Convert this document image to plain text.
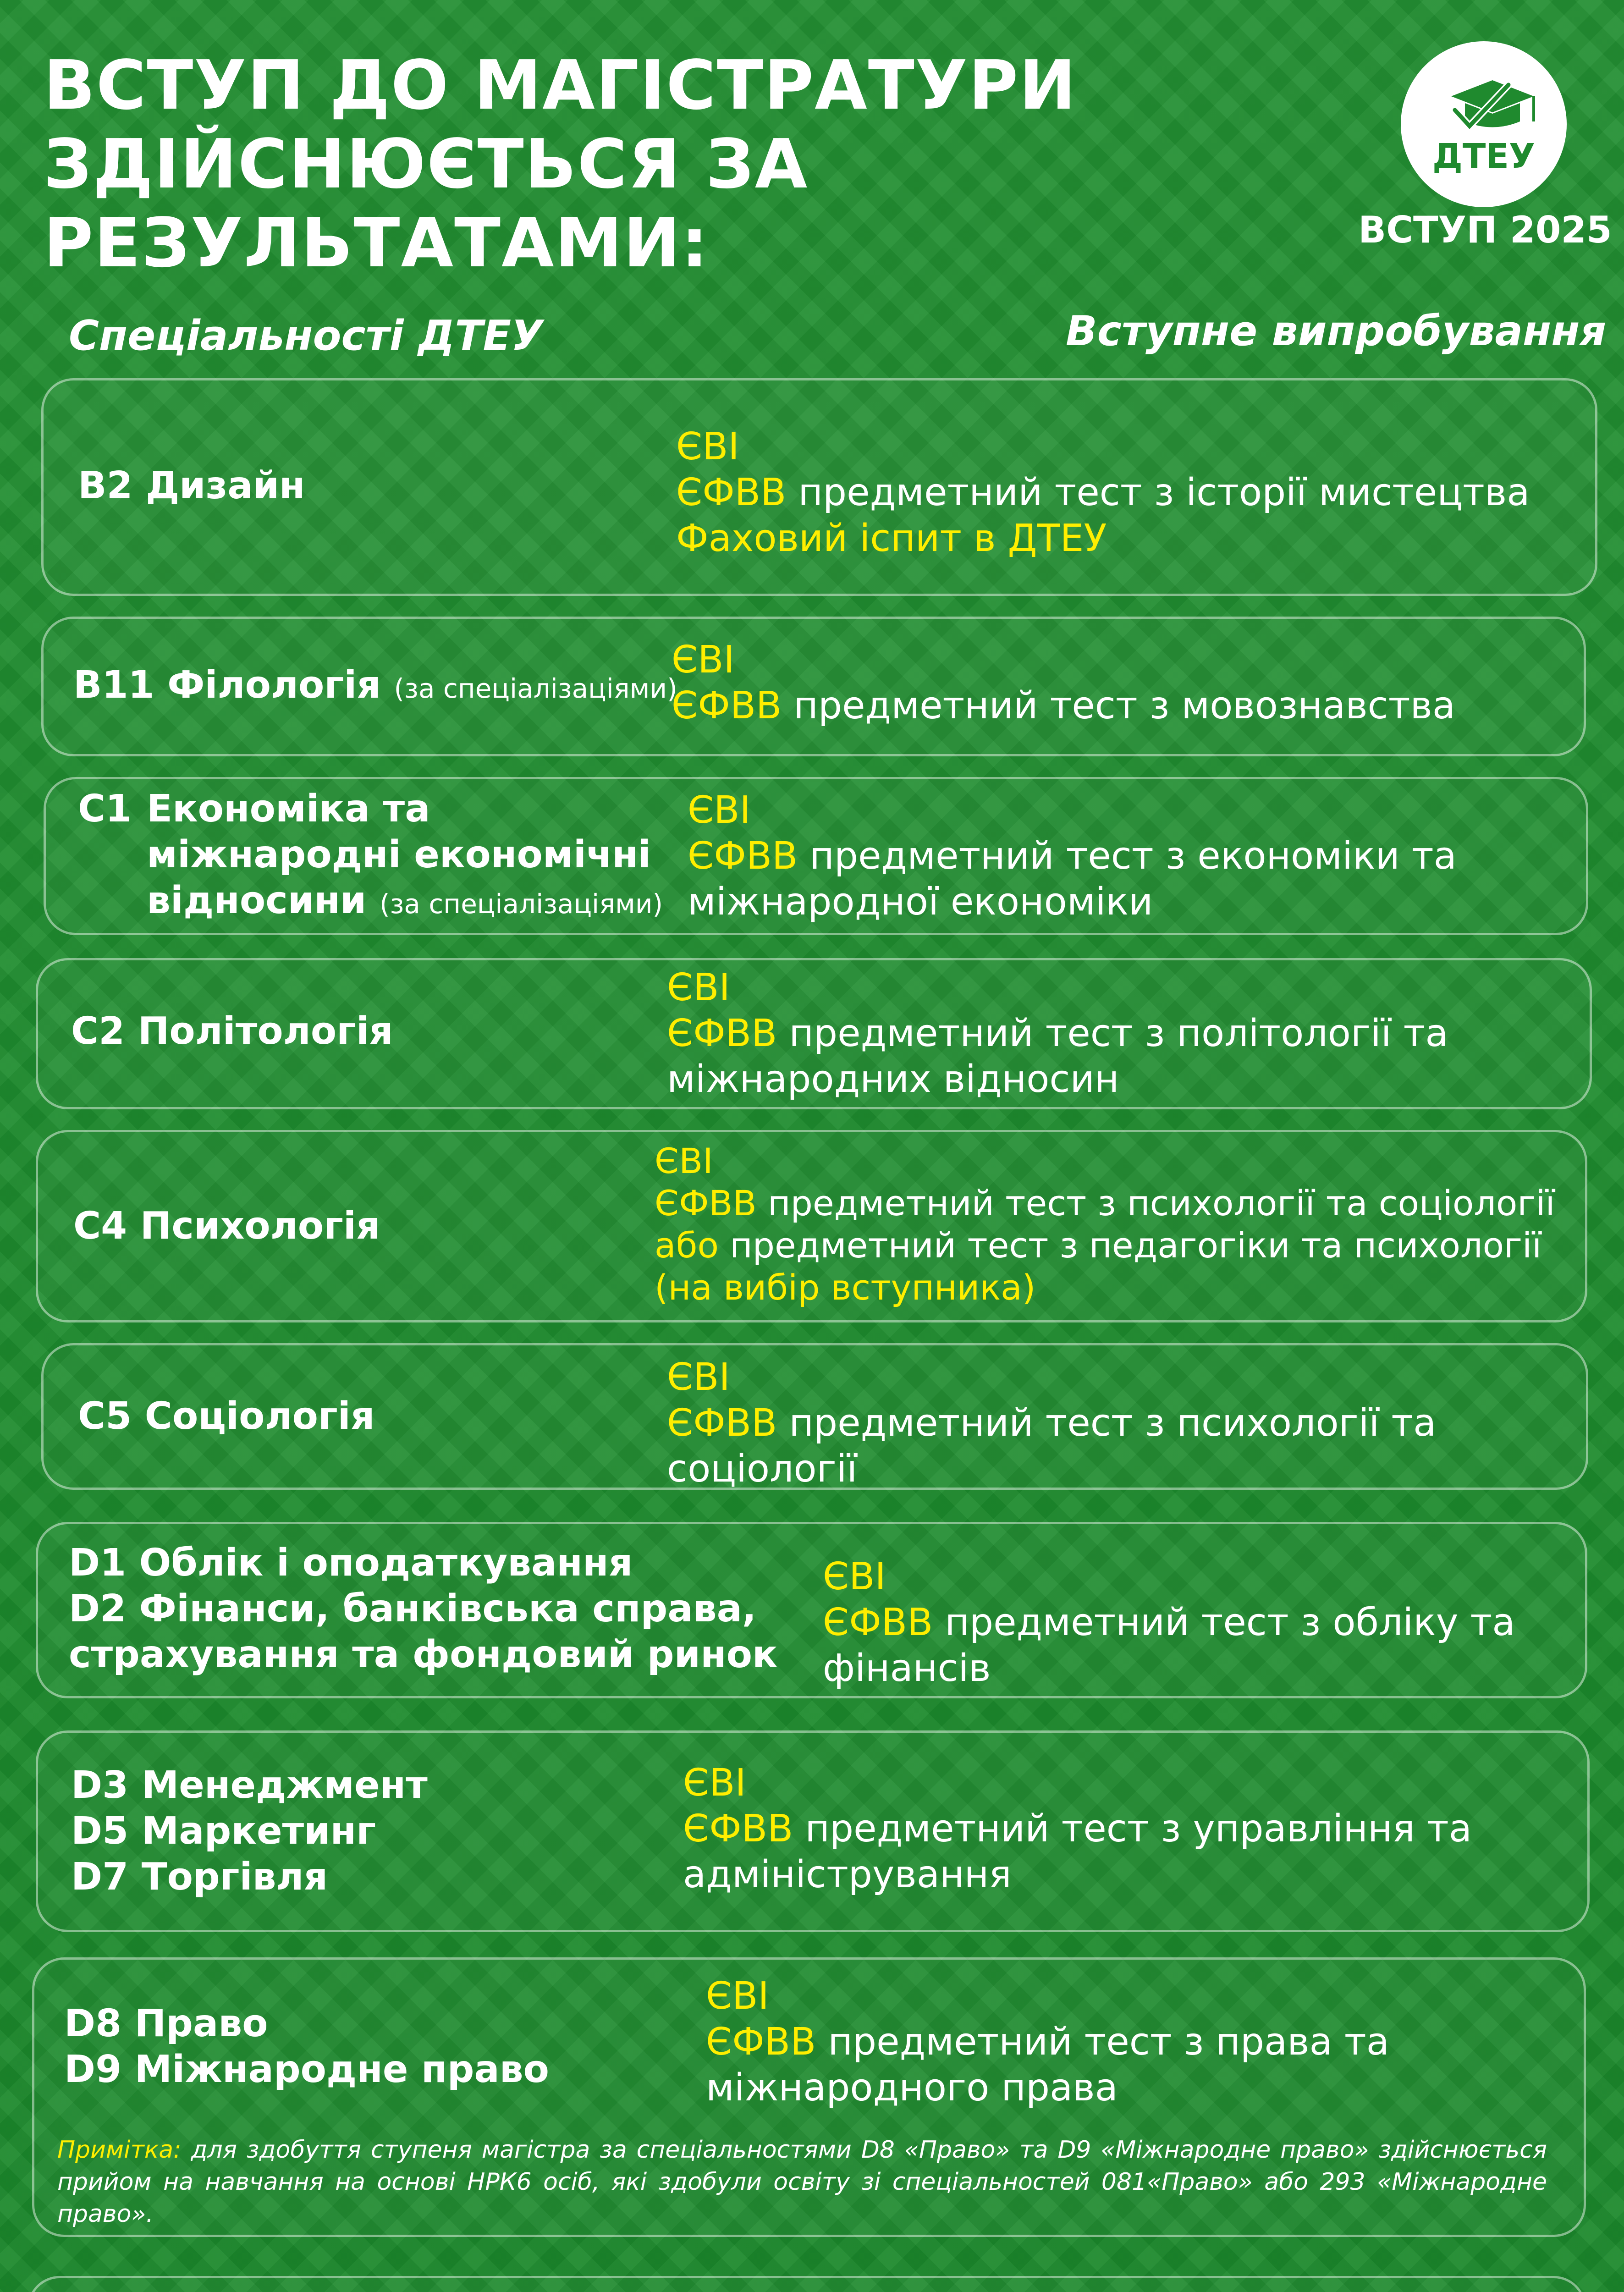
ВСТУП ДО МАГІСТРАТУРИ
ЗДІЙСНЮЄТЬСЯ ЗА
РЕЗУЛЬТАТАМИ:
ДТЕУ
ВСТУП 2025
Спеціальності ДТЕУ	Вступне випробування
В2 Дизайн
ЄВІ
ЄФВВ предметний тест з історії мистецтва
Фаховий іспит в ДТЕУ
В11 Філологія (за спеціалізаціями)
ЄВІ
ЄФВВ предметний тест з мовознавства
С1 Економіка та
міжнародні економічні
відносини (за спеціалізаціями)
ЄВІ
ЄФВВ предметний тест з економіки та
міжнародної економіки
С2 Політологія
ЄВІ
ЄФВВ предметний тест з політології та
міжнародних відносин
С4 Психологія
ЄВІ
ЄФВВ предметний тест з психології та соціології
або предметний тест з педагогіки та психології
(на вибір вступника)
С5 Соціологія
ЄВІ
ЄФВВ предметний тест з психології та
соціології
D1 Облік і оподаткування
D2 Фінанси, банківська справа,
страхування та фондовий ринок
ЄВІ
ЄФВВ предметний тест з обліку та
фінансів
D3 Менеджмент
D5 Маркетинг
D7 Торгівля
ЄВІ
ЄФВВ предметний тест з управління та
адміністрування
D8 Право
D9 Міжнародне право
ЄВІ
ЄФВВ предметний тест з права та
міжнародного права
Примітка: для здобуття ступеня магістра за спеціальностями D8 «Право» та D9 «Міжнародне право» здійснюється прийом на навчання на основі НРК6 осіб, які здобули освіту зі спеціальностей 081«Право» або 293 «Міжнародне право».
